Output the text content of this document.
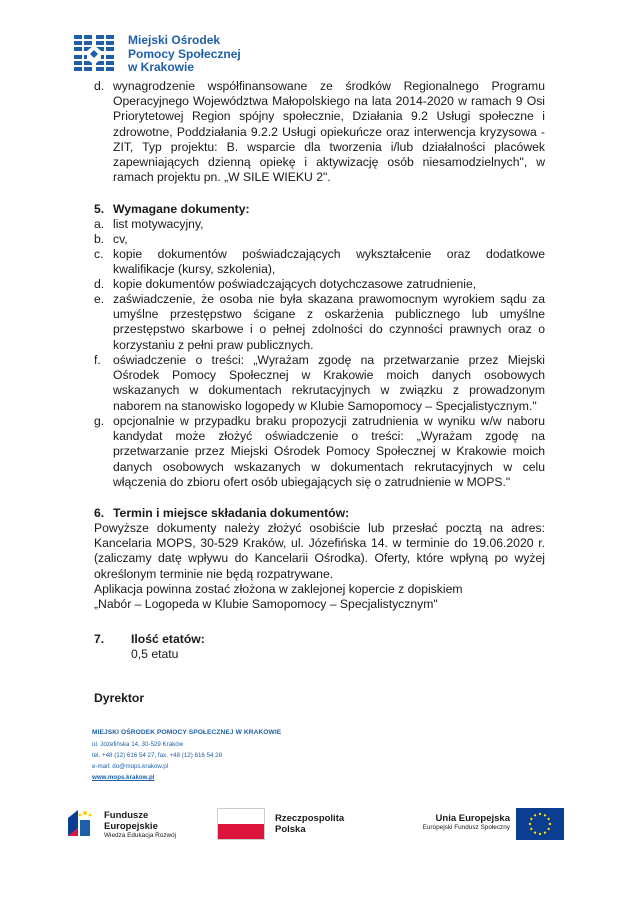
Miejski Ośrodek
Pomocy Społecznej
w Krakowie
d. wynagrodzenie współfinansowane ze środków Regionalnego Programu Operacyjnego Województwa Małopolskiego na lata 2014-2020 w ramach 9 Osi Priorytetowej Region spójny społecznie, Działania 9.2 Usługi społeczne i zdrowotne, Poddziałania 9.2.2 Usługi opiekuńcze oraz interwencja kryzysowa - ZIT, Typ projektu: B. wsparcie dla tworzenia i/lub działalności placówek zapewniających dzienną opiekę i aktywizację osób niesamodzielnych", w ramach projektu pn. „W SILE WIEKU 2".
5. Wymagane dokumenty:
a. list motywacyjny,
b. cv,
c. kopie dokumentów poświadczających wykształcenie oraz dodatkowe kwalifikacje (kursy, szkolenia),
d. kopie dokumentów poświadczających dotychczasowe zatrudnienie,
e. zaświadczenie, że osoba nie była skazana prawomocnym wyrokiem sądu za umyślne przestępstwo ścigane z oskarżenia publicznego lub umyślne przestępstwo skarbowe i o pełnej zdolności do czynności prawnych oraz o korzystaniu z pełni praw publicznych.
f. oświadczenie o treści: „Wyrażam zgodę na przetwarzanie przez Miejski Ośrodek Pomocy Społecznej w Krakowie moich danych osobowych wskazanych w dokumentach rekrutacyjnych w związku z prowadzonym naborem na stanowisko logopedy w Klubie Samopomocy – Specjalistycznym."
g. opcjonalnie w przypadku braku propozycji zatrudnienia w wyniku w/w naboru kandydat może złożyć oświadczenie o treści: „Wyrażam zgodę na przetwarzanie przez Miejski Ośrodek Pomocy Społecznej w Krakowie moich danych osobowych wskazanych w dokumentach rekrutacyjnych w celu włączenia do zbioru ofert osób ubiegających się o zatrudnienie w MOPS."
6. Termin i miejsce składania dokumentów:
Powyższe dokumenty należy złożyć osobiście lub przesłać pocztą na adres: Kancelaria MOPS, 30-529 Kraków, ul. Józefińska 14. w terminie do 19.06.2020 r. (zaliczamy datę wpływu do Kancelarii Ośrodka). Oferty, które wpłyną po wyżej określonym terminie nie będą rozpatrywane.
Aplikacja powinna zostać złożona w zaklejonej kopercie z dopiskiem
„Nabór – Logopeda w Klubie Samopomocy – Specjalistycznym"
7. Ilość etatów:
0,5 etatu
Dyrektor
MIEJSKI OŚRODEK POMOCY SPOŁECZNEJ W KRAKOWIE
ul. Józefińska 14, 30-529 Kraków
tel. +48 (12) 616 54 27, fax. +48 (12) 616 54 28
e-mail: do@mops.krakow.pl
www.mops.krakow.pl
Fundusze
Europejskie
Wiedza Edukacja Rozwój
Rzeczpospolita
Polska
Unia Europejska
Europejski Fundusz Społeczny
